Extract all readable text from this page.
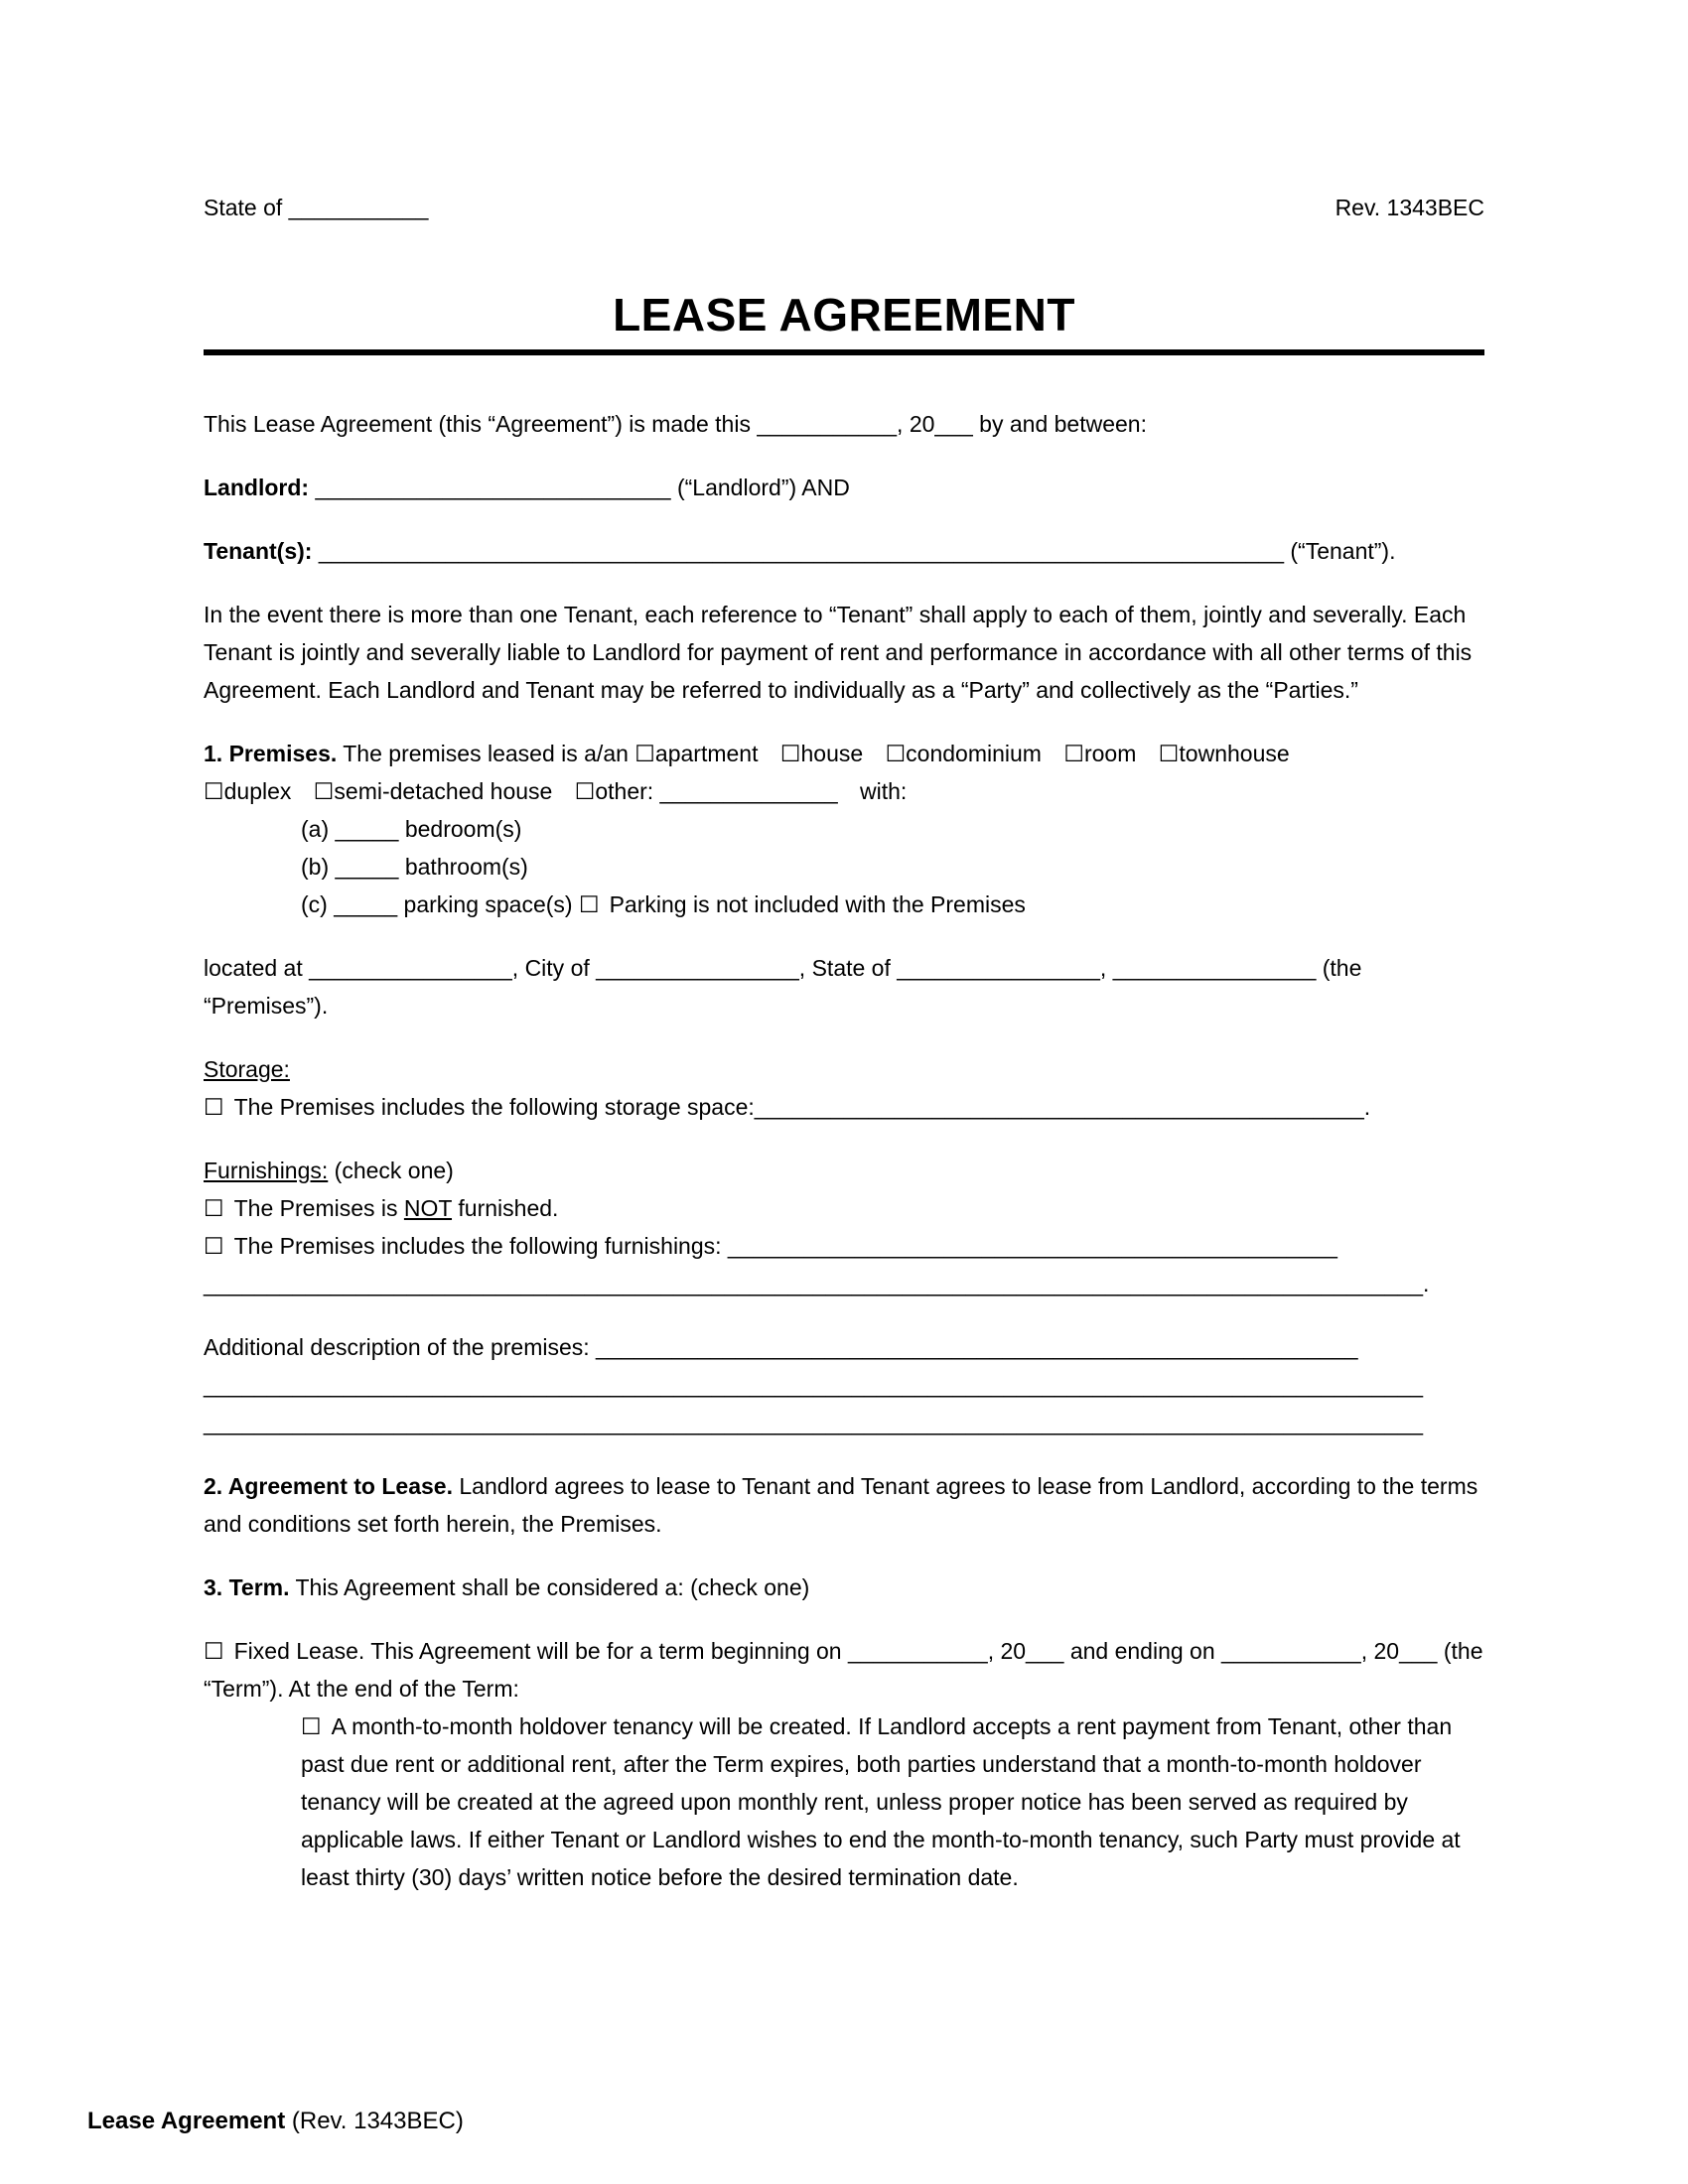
State of ___________	Rev. 1343BEC
LEASE AGREEMENT

This Lease Agreement (this “Agreement”) is made this ___________, 20___ by and between:

Landlord: ____________________________ (“Landlord”) AND

Tenant(s): ____________________________________________________________________________ (“Tenant”).

In the event there is more than one Tenant, each reference to “Tenant” shall apply to each of them, jointly and severally. Each Tenant is jointly and severally liable to Landlord for payment of rent and performance in accordance with all other terms of this Agreement. Each Landlord and Tenant may be referred to individually as a “Party” and collectively as the “Parties.”

1. Premises. The premises leased is a/an ☐apartment ☐house ☐condominium ☐room ☐townhouse
☐duplex ☐semi-detached house ☐other: ______________ with:

(a) _____ bedroom(s)
(b) _____ bathroom(s)
(c) _____ parking space(s) ☐ Parking is not included with the Premises

located at ________________, City of ________________, State of ________________, ________________ (the “Premises”).

Storage:
☐ The Premises includes the following storage space:________________________________________________.

Furnishings: (check one)
☐ The Premises is NOT furnished.
☐ The Premises includes the following furnishings: ________________________________________________
________________________________________________________________________________________________.

Additional description of the premises: ____________________________________________________________
________________________________________________________________________________________________
________________________________________________________________________________________________

2. Agreement to Lease. Landlord agrees to lease to Tenant and Tenant agrees to lease from Landlord, according to the terms and conditions set forth herein, the Premises.

3. Term. This Agreement shall be considered a: (check one)

☐ Fixed Lease. This Agreement will be for a term beginning on ___________, 20___ and ending on ___________, 20___ (the “Term”). At the end of the Term:

☐ A month-to-month holdover tenancy will be created. If Landlord accepts a rent payment from Tenant, other than past due rent or additional rent, after the Term expires, both parties understand that a month-to-month holdover tenancy will be created at the agreed upon monthly rent, unless proper notice has been served as required by applicable laws. If either Tenant or Landlord wishes to end the month-to-month tenancy, such Party must provide at least thirty (30) days’ written notice before the desired termination date.

Lease Agreement (Rev. 1343BEC)
